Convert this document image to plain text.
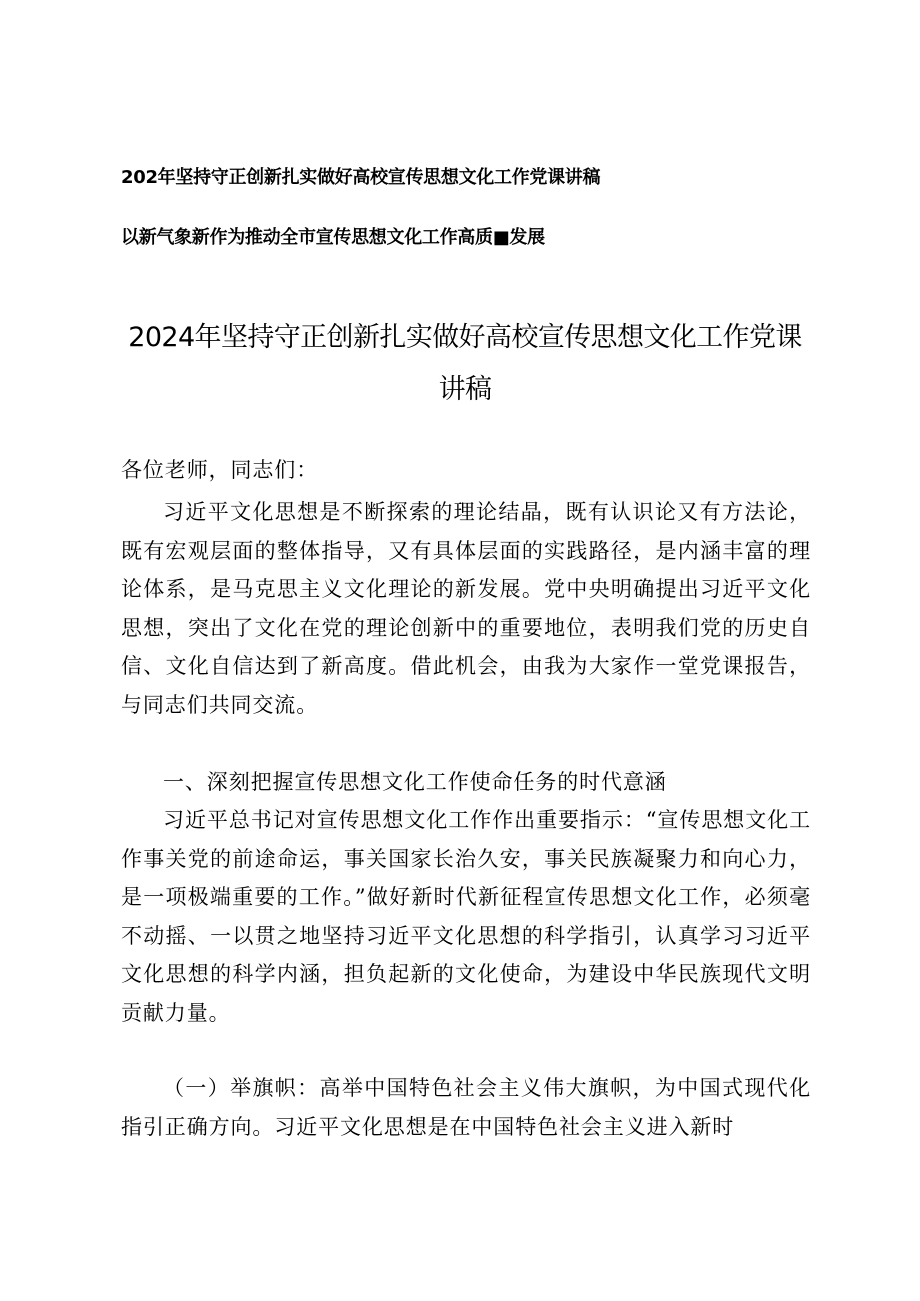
202年坚持守正创新扎实做好高校宣传思想文化工作党课讲稿
以新气象新作为推动全市宣传思想文化工作高质■发展
2024年坚持守正创新扎实做好高校宣传思想文化工作党课讲稿
各位老师，同志们：

习近平文化思想是不断探索的理论结晶，既有认识论又有方法论，既有宏观层面的整体指导，又有具体层面的实践路径，是内涵丰富的理论体系，是马克思主义文化理论的新发展。党中央明确提出习近平文化思想，突出了文化在党的理论创新中的重要地位，表明我们党的历史自信、文化自信达到了新高度。借此机会，由我为大家作一堂党课报告，与同志们共同交流。

一、深刻把握宣传思想文化工作使命任务的时代意涵

习近平总书记对宣传思想文化工作作出重要指示：“宣传思想文化工作事关党的前途命运，事关国家长治久安，事关民族凝聚力和向心力，是一项极端重要的工作。”做好新时代新征程宣传思想文化工作，必须毫不动摇、一以贯之地坚持习近平文化思想的科学指引，认真学习习近平文化思想的科学内涵，担负起新的文化使命，为建设中华民族现代文明贡献力量。

（一）举旗帜：高举中国特色社会主义伟大旗帜，为中国式现代化指引正确方向。习近平文化思想是在中国特色社会主义进入新时
